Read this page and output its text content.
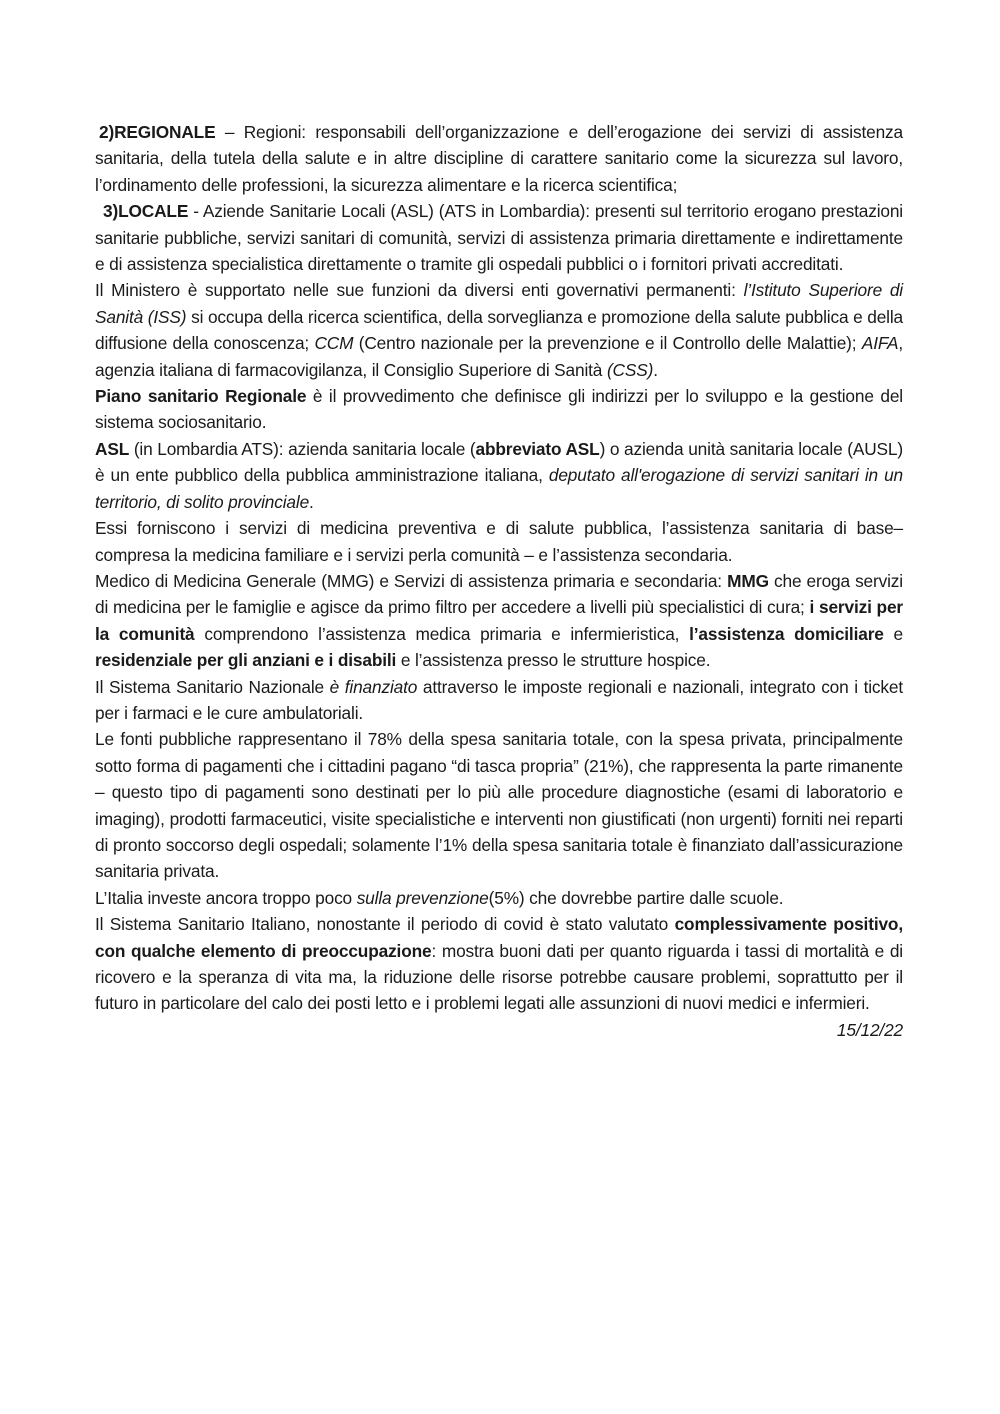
2)REGIONALE – Regioni: responsabili dell’organizzazione e dell’erogazione dei servizi di assistenza sanitaria, della tutela della salute e in altre discipline di carattere sanitario come la sicurezza sul lavoro, l’ordinamento delle professioni, la sicurezza alimentare e la ricerca scientifica;

3)LOCALE - Aziende Sanitarie Locali (ASL) (ATS in Lombardia): presenti sul territorio erogano prestazioni sanitarie pubbliche, servizi sanitari di comunità, servizi di assistenza primaria direttamente e indirettamente e di assistenza specialistica direttamente o tramite gli ospedali pubblici o i fornitori privati accreditati.

Il Ministero è supportato nelle sue funzioni da diversi enti governativi permanenti: l’Istituto Superiore di Sanità (ISS) si occupa della ricerca scientifica, della sorveglianza e promozione della salute pubblica e della diffusione della conoscenza; CCM (Centro nazionale per la prevenzione e il Controllo delle Malattie); AIFA, agenzia italiana di farmacovigilanza, il Consiglio Superiore di Sanità (CSS).

Piano sanitario Regionale è il provvedimento che definisce gli indirizzi per lo sviluppo e la gestione del sistema sociosanitario.

ASL (in Lombardia ATS): azienda sanitaria locale (abbreviato ASL) o azienda unità sanitaria locale (AUSL) è un ente pubblico della pubblica amministrazione italiana, deputato all'erogazione di servizi sanitari in un territorio, di solito provinciale.

Essi forniscono i servizi di medicina preventiva e di salute pubblica, l’assistenza sanitaria di base– compresa la medicina familiare e i servizi perla comunità – e l’assistenza secondaria.

Medico di Medicina Generale (MMG) e Servizi di assistenza primaria e secondaria: MMG che eroga servizi di medicina per le famiglie e agisce da primo filtro per accedere a livelli più specialistici di cura; i servizi per la comunità comprendono l’assistenza medica primaria e infermieristica, l’assistenza domiciliare e residenziale per gli anziani e i disabili e l’assistenza presso le strutture hospice.

Il Sistema Sanitario Nazionale è finanziato attraverso le imposte regionali e nazionali, integrato con i ticket per i farmaci e le cure ambulatoriali.

Le fonti pubbliche rappresentano il 78% della spesa sanitaria totale, con la spesa privata, principalmente sotto forma di pagamenti che i cittadini pagano “di tasca propria” (21%), che rappresenta la parte rimanente – questo tipo di pagamenti sono destinati per lo più alle procedure diagnostiche (esami di laboratorio e imaging), prodotti farmaceutici, visite specialistiche e interventi non giustificati (non urgenti) forniti nei reparti di pronto soccorso degli ospedali; solamente l’1% della spesa sanitaria totale è finanziato dall’assicurazione sanitaria privata.

L’Italia investe ancora troppo poco sulla prevenzione(5%) che dovrebbe partire dalle scuole.

Il Sistema Sanitario Italiano, nonostante il periodo di covid è stato valutato complessivamente positivo, con qualche elemento di preoccupazione: mostra buoni dati per quanto riguarda i tassi di mortalità e di ricovero e la speranza di vita ma, la riduzione delle risorse potrebbe causare problemi, soprattutto per il futuro in particolare del calo dei posti letto e i problemi legati alle assunzioni di nuovi medici e infermieri.

15/12/22
